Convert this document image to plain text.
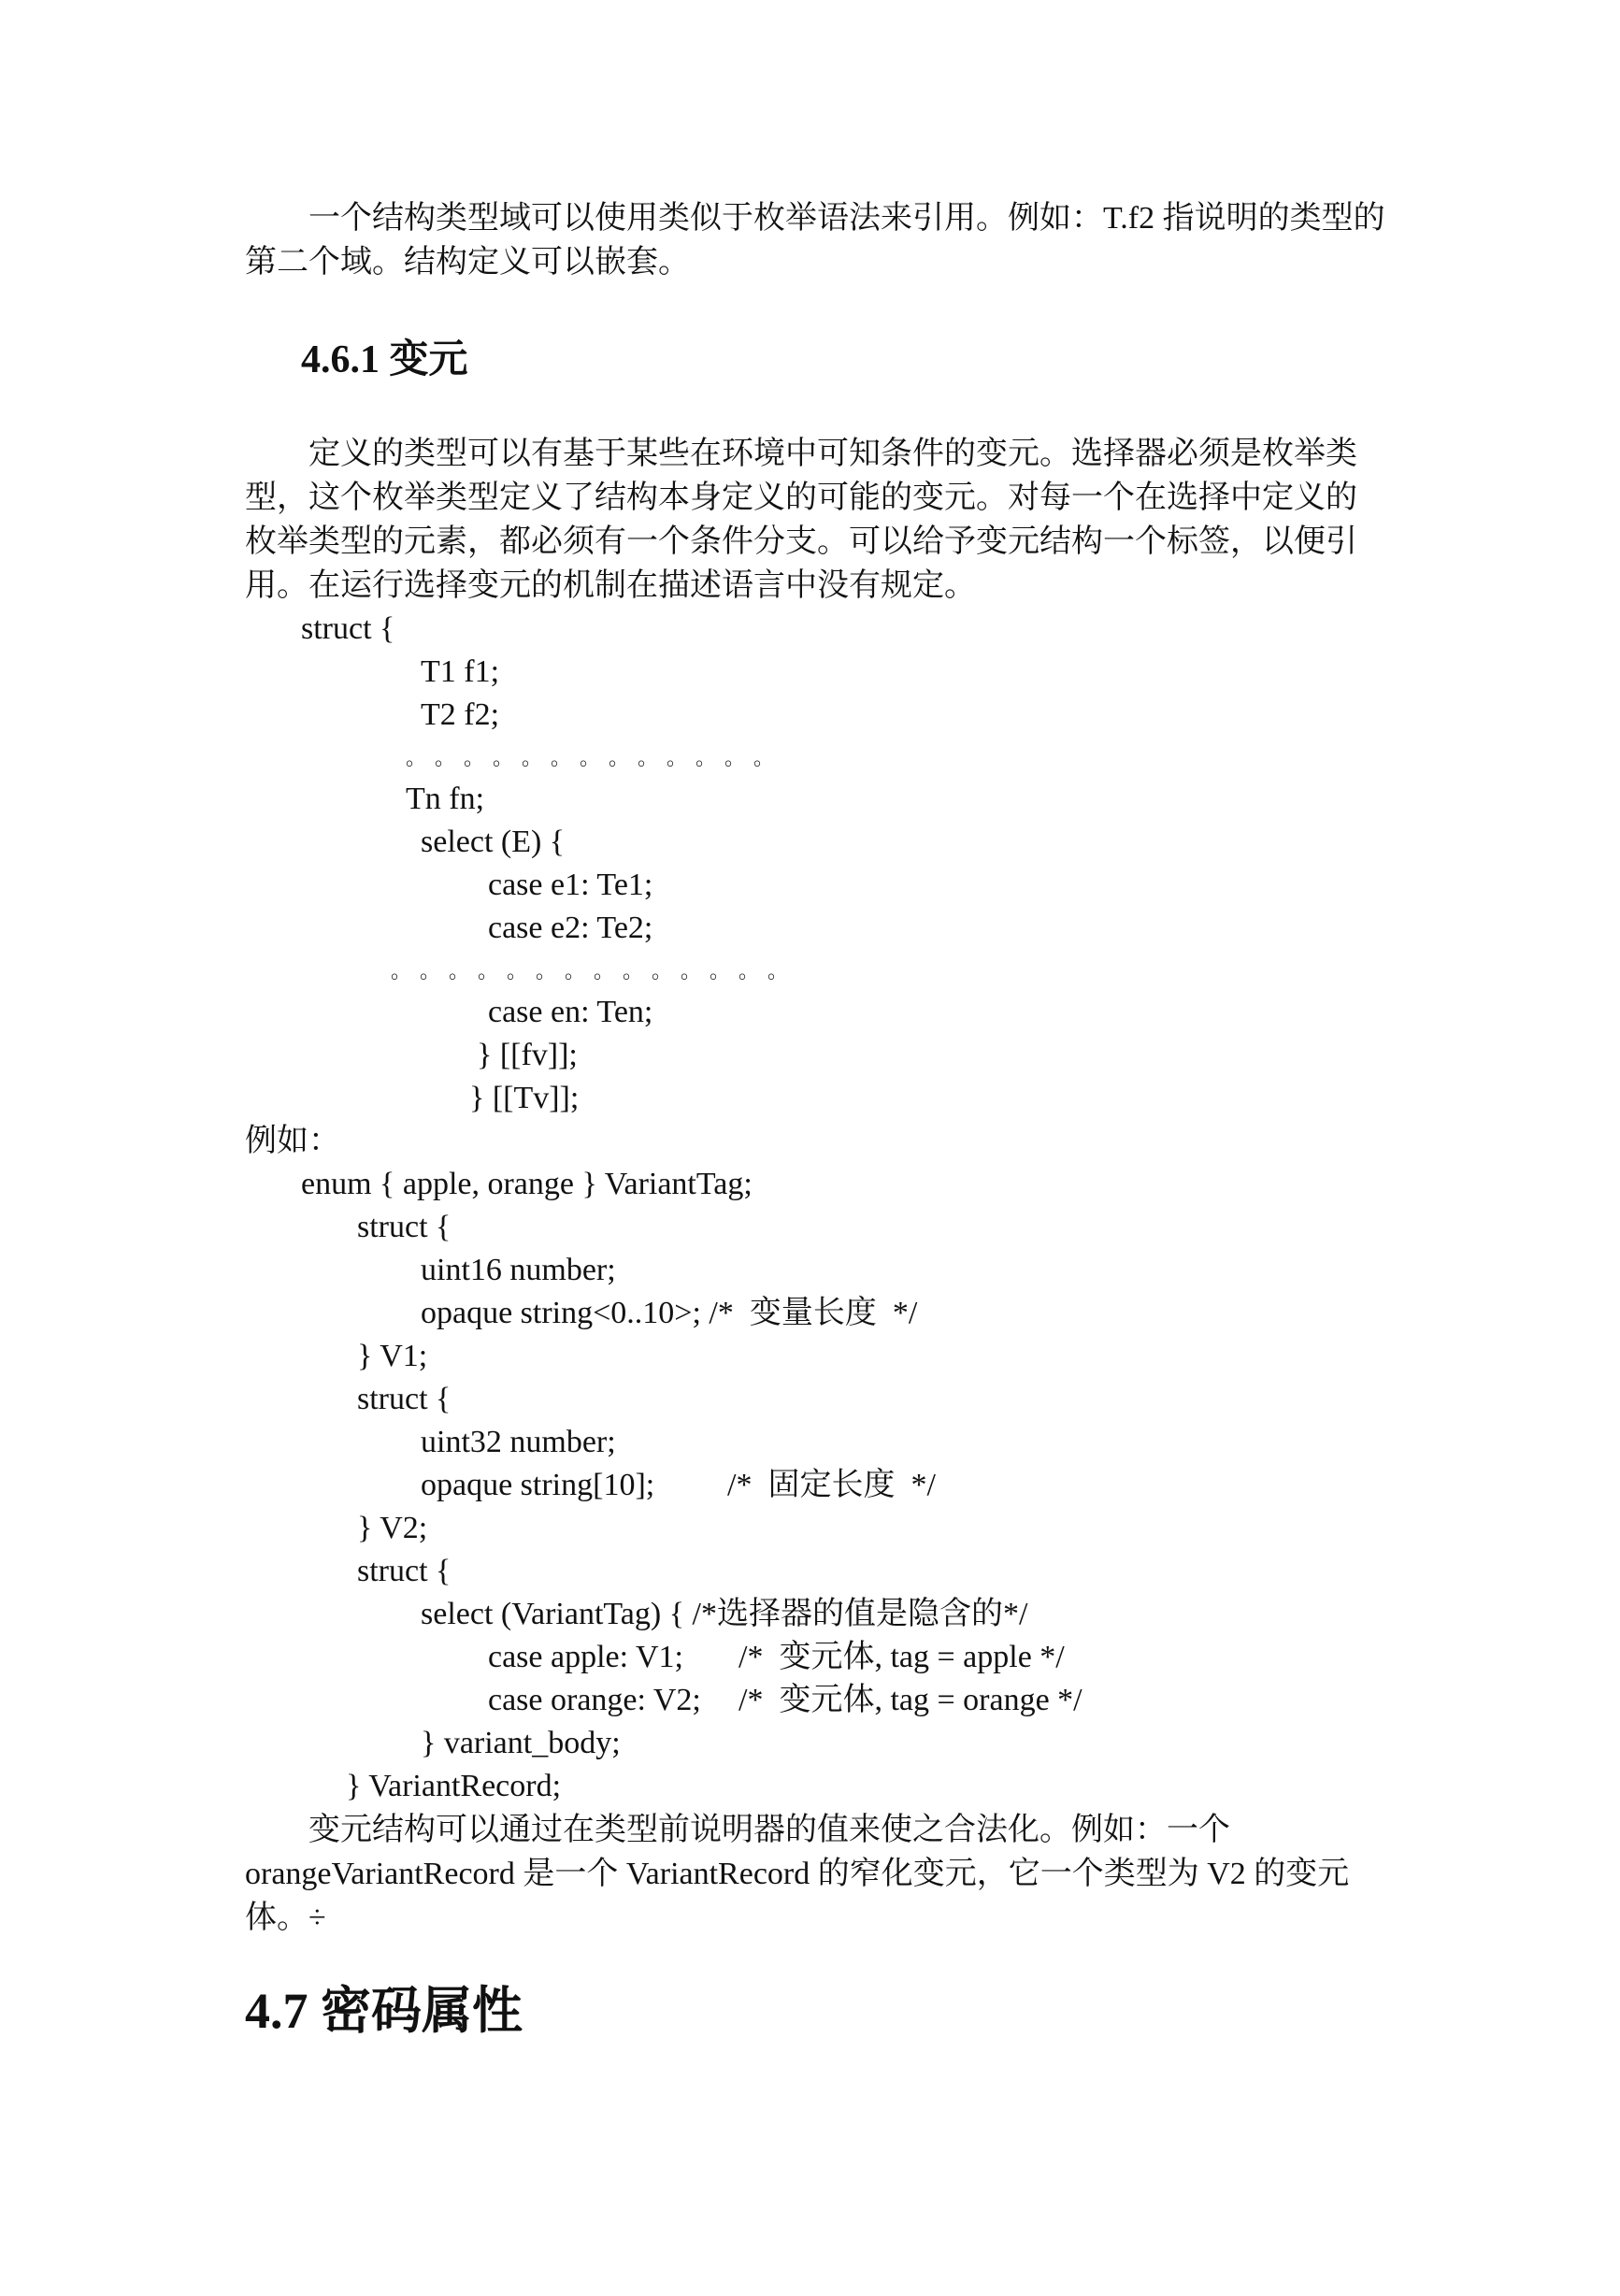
　　一个结构类型域可以使用类似于枚举语法来引用。例如：T.f2 指说明的类型的第二个域。结构定义可以嵌套。

4.6.1 变元

　　定义的类型可以有基于某些在环境中可知条件的变元。选择器必须是枚举类型，这个枚举类型定义了结构本身定义的可能的变元。对每一个在选择中定义的枚举类型的元素，都必须有一个条件分支。可以给予变元结构一个标签，以便引用。在运行选择变元的机制在描述语言中没有规定。

struct {
T1 f1;
T2 f2;
。。。。。。。。。。。。。
Tn fn;
select (E) {
case e1: Te1;
case e2: Te2;
。。。。。。。。。。。。。。
case en: Ten;
} [[fv]];
} [[Tv]];
例如：
enum { apple, orange } VariantTag;
struct {
uint16 number;
opaque string<0..10>; /*  变量长度  */
} V1;
struct {
uint32 number;
opaque string[10]; /*  固定长度  */
} V2;
struct {
select (VariantTag) { /*选择器的值是隐含的*/
case apple: V1; /*  变元体, tag = apple */
case orange: V2; /*  变元体, tag = orange */
} variant_body;
} VariantRecord;

　　变元结构可以通过在类型前说明器的值来使之合法化。例如：一个orangeVariantRecord 是一个 VariantRecord 的窄化变元，它一个类型为 V2 的变元体。÷

4.7 密码属性
